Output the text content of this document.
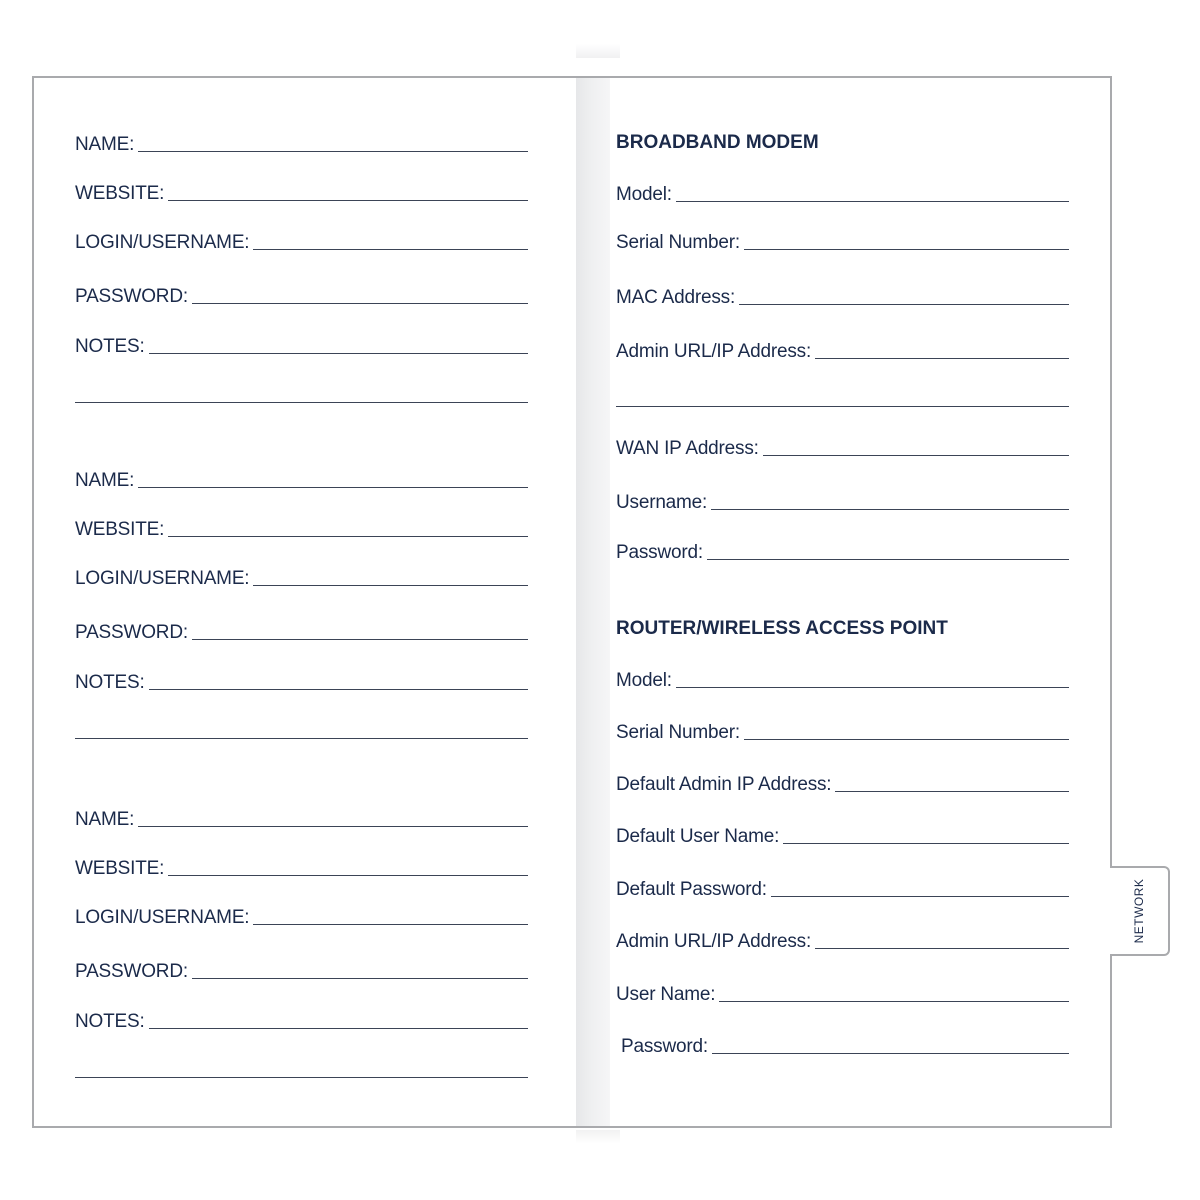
NAME:
WEBSITE:
LOGIN/USERNAME:
PASSWORD:
NOTES:
NAME:
WEBSITE:
LOGIN/USERNAME:
PASSWORD:
NOTES:
NAME:
WEBSITE:
LOGIN/USERNAME:
PASSWORD:
NOTES:
BROADBAND MODEM
Model:
Serial Number:
MAC Address:
Admin URL/IP Address:
WAN IP Address:
Username:
Password:
ROUTER/WIRELESS ACCESS POINT
Model:
Serial Number:
Default Admin IP Address:
Default User Name:
Default Password:
Admin URL/IP Address:
User Name:
Password:
NETWORK
